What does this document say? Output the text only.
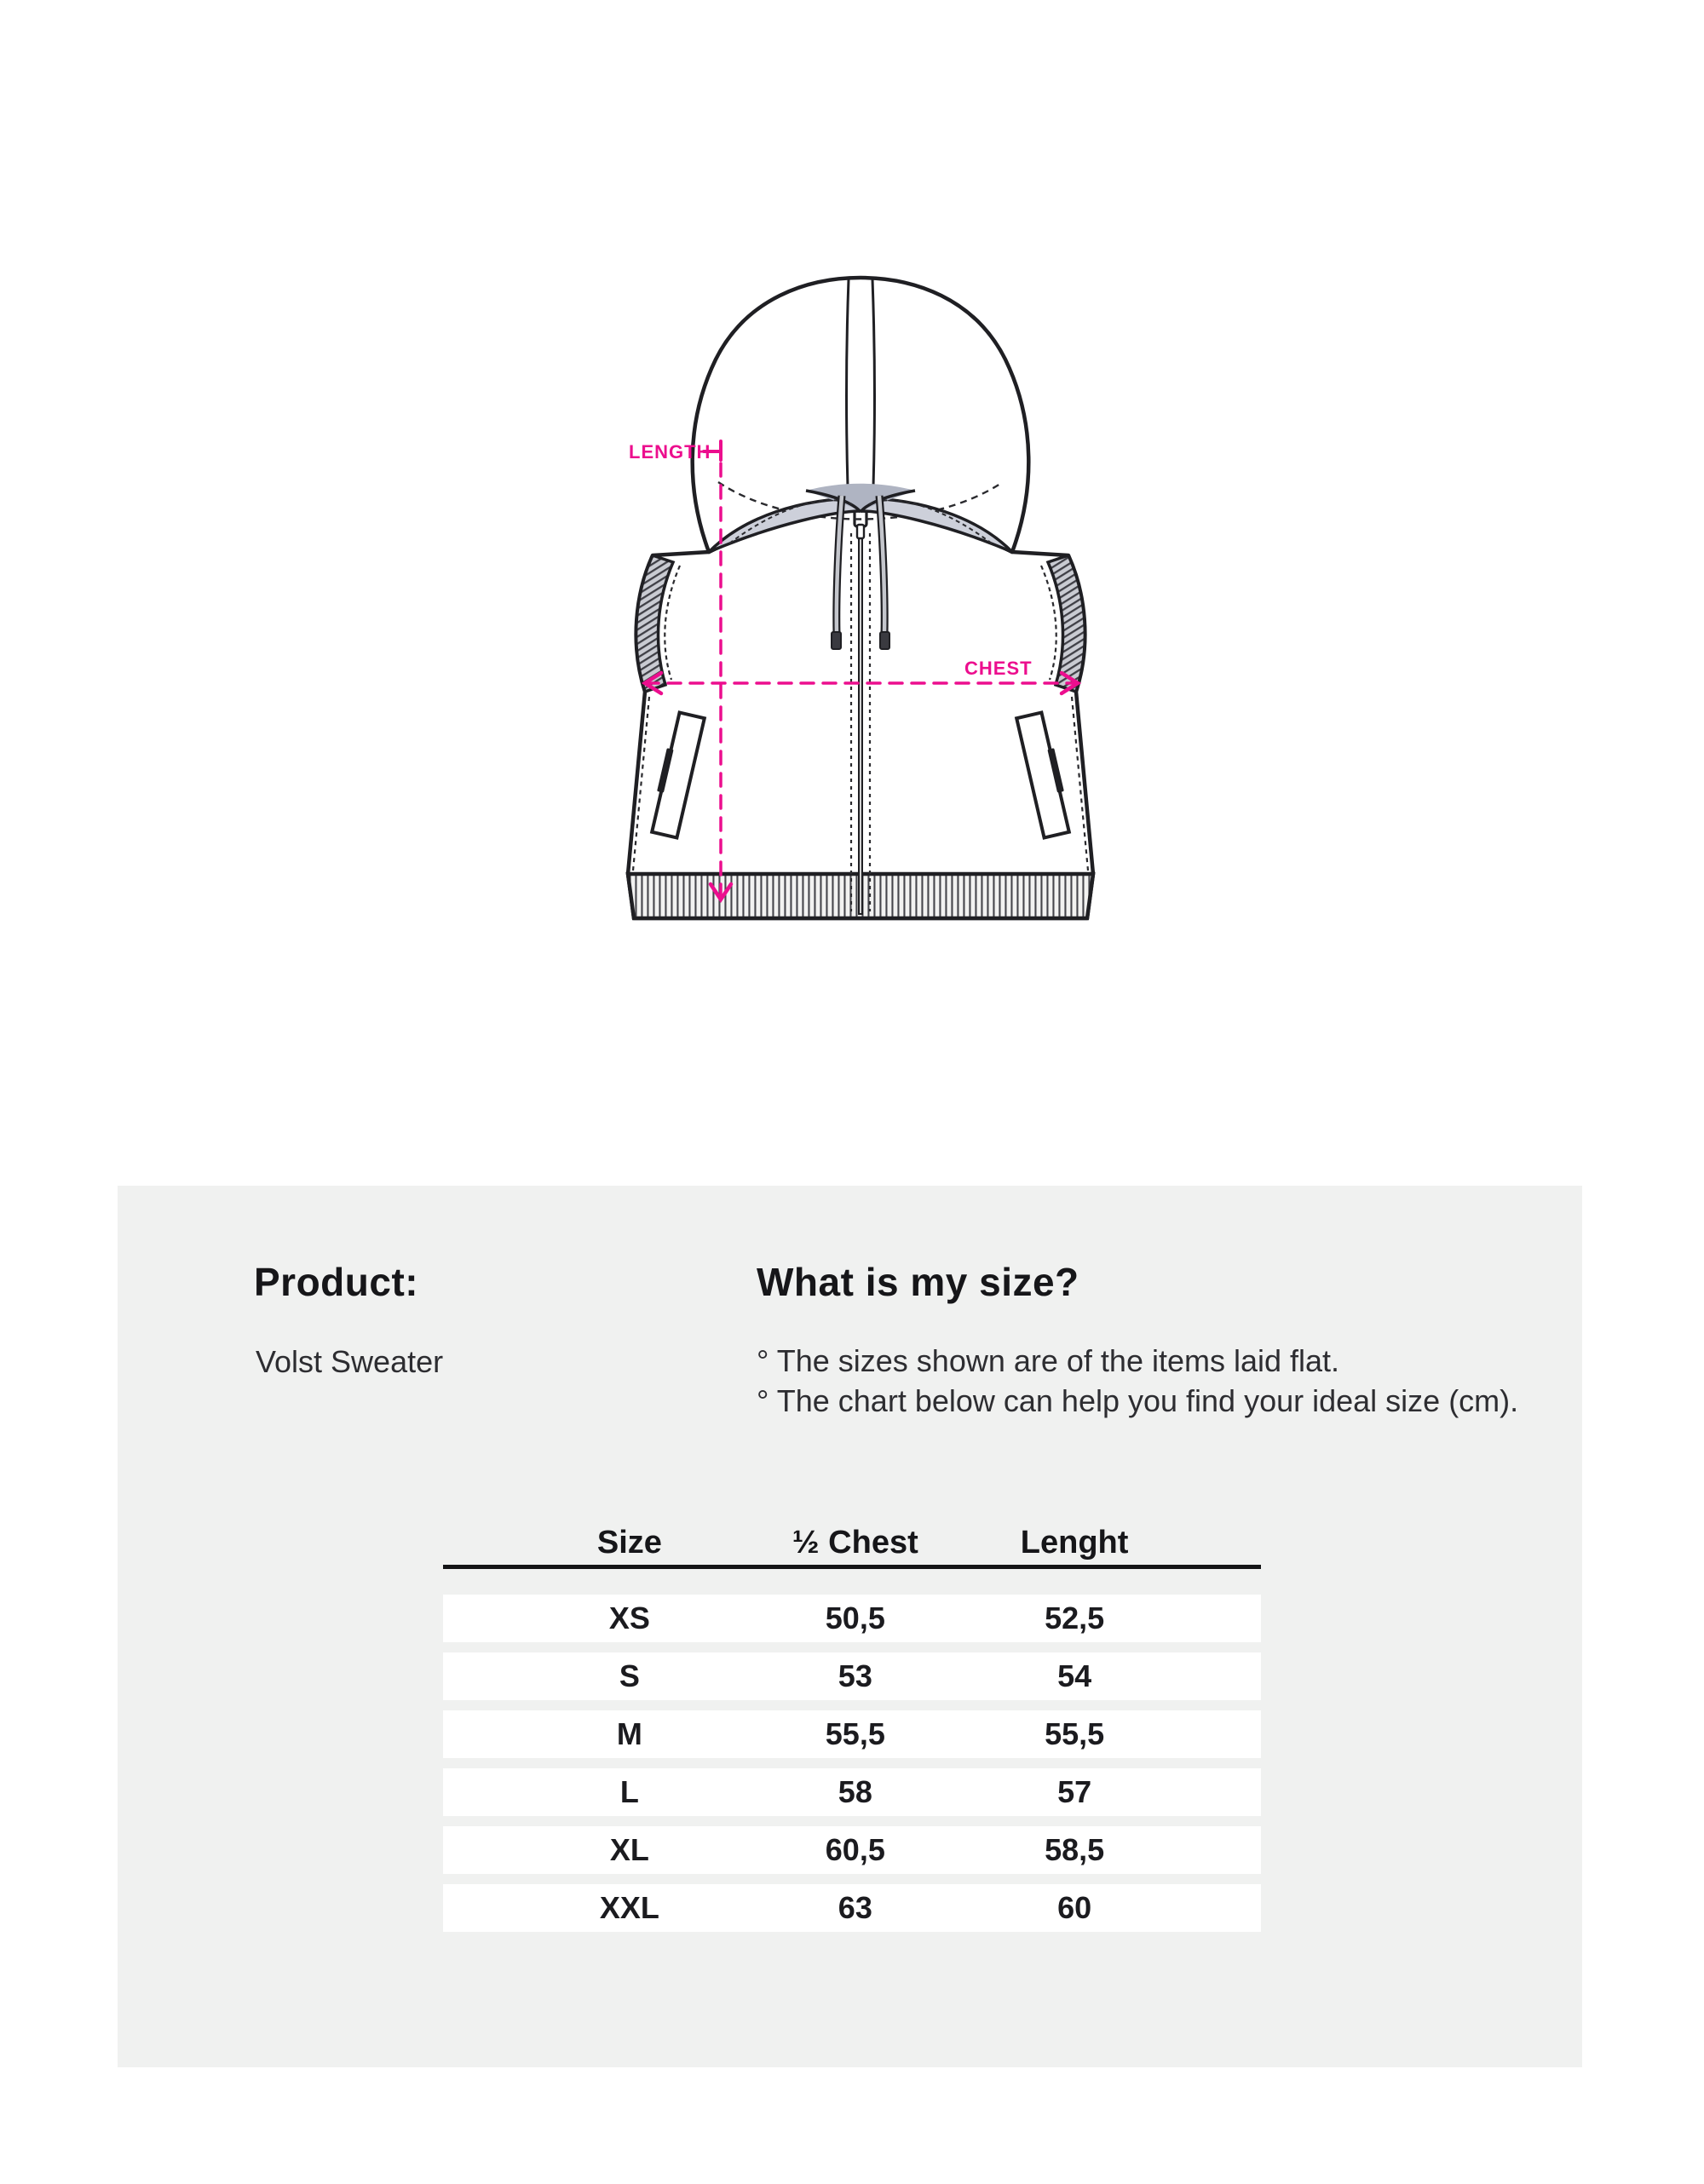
LENGTH
CHEST
Product:
Volst Sweater
What is my size?

° The sizes shown are of the items laid flat.

° The chart below can help you find your ideal size (cm).

Size	½ Chest	Lenght
XS	50,5	52,5
S	53	54
M	55,5	55,5
L	58	57
XL	60,5	58,5
XXL	63	60
